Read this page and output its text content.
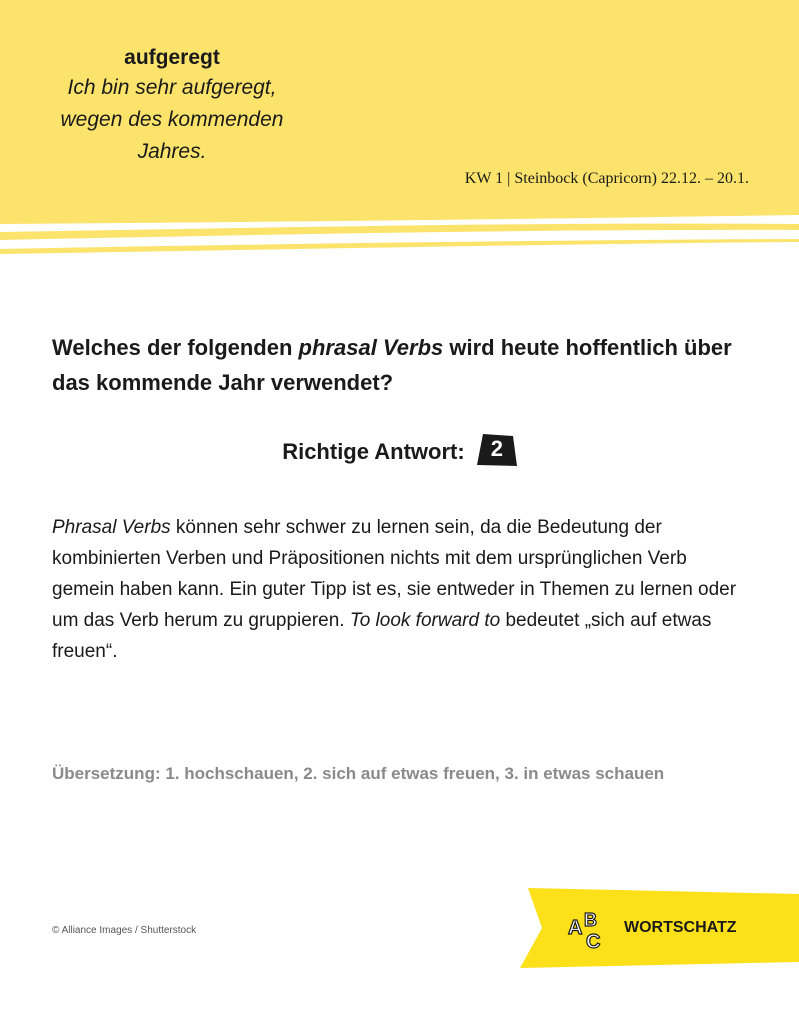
aufgeregt
Ich bin sehr aufgeregt,
wegen des kommenden
Jahres.
KW 1 | Steinbock (Capricorn) 22.12. – 20.1.
Welches der folgenden phrasal Verbs wird heute hoffentlich über das kommende Jahr verwendet?
Richtige Antwort:	2
Phrasal Verbs können sehr schwer zu lernen sein, da die Bedeutung der kombinierten Verben und Präpositionen nichts mit dem ursprünglichen Verb gemein haben kann. Ein guter Tipp ist es, sie entweder in Themen zu lernen oder um das Verb herum zu gruppieren. To look forward to bedeutet „sich auf etwas freuen“.
Übersetzung: 1. hochschauen, 2. sich auf etwas freuen, 3. in etwas schauen
© Alliance Images / Shutterstock	A B
C
WORTSCHATZ
